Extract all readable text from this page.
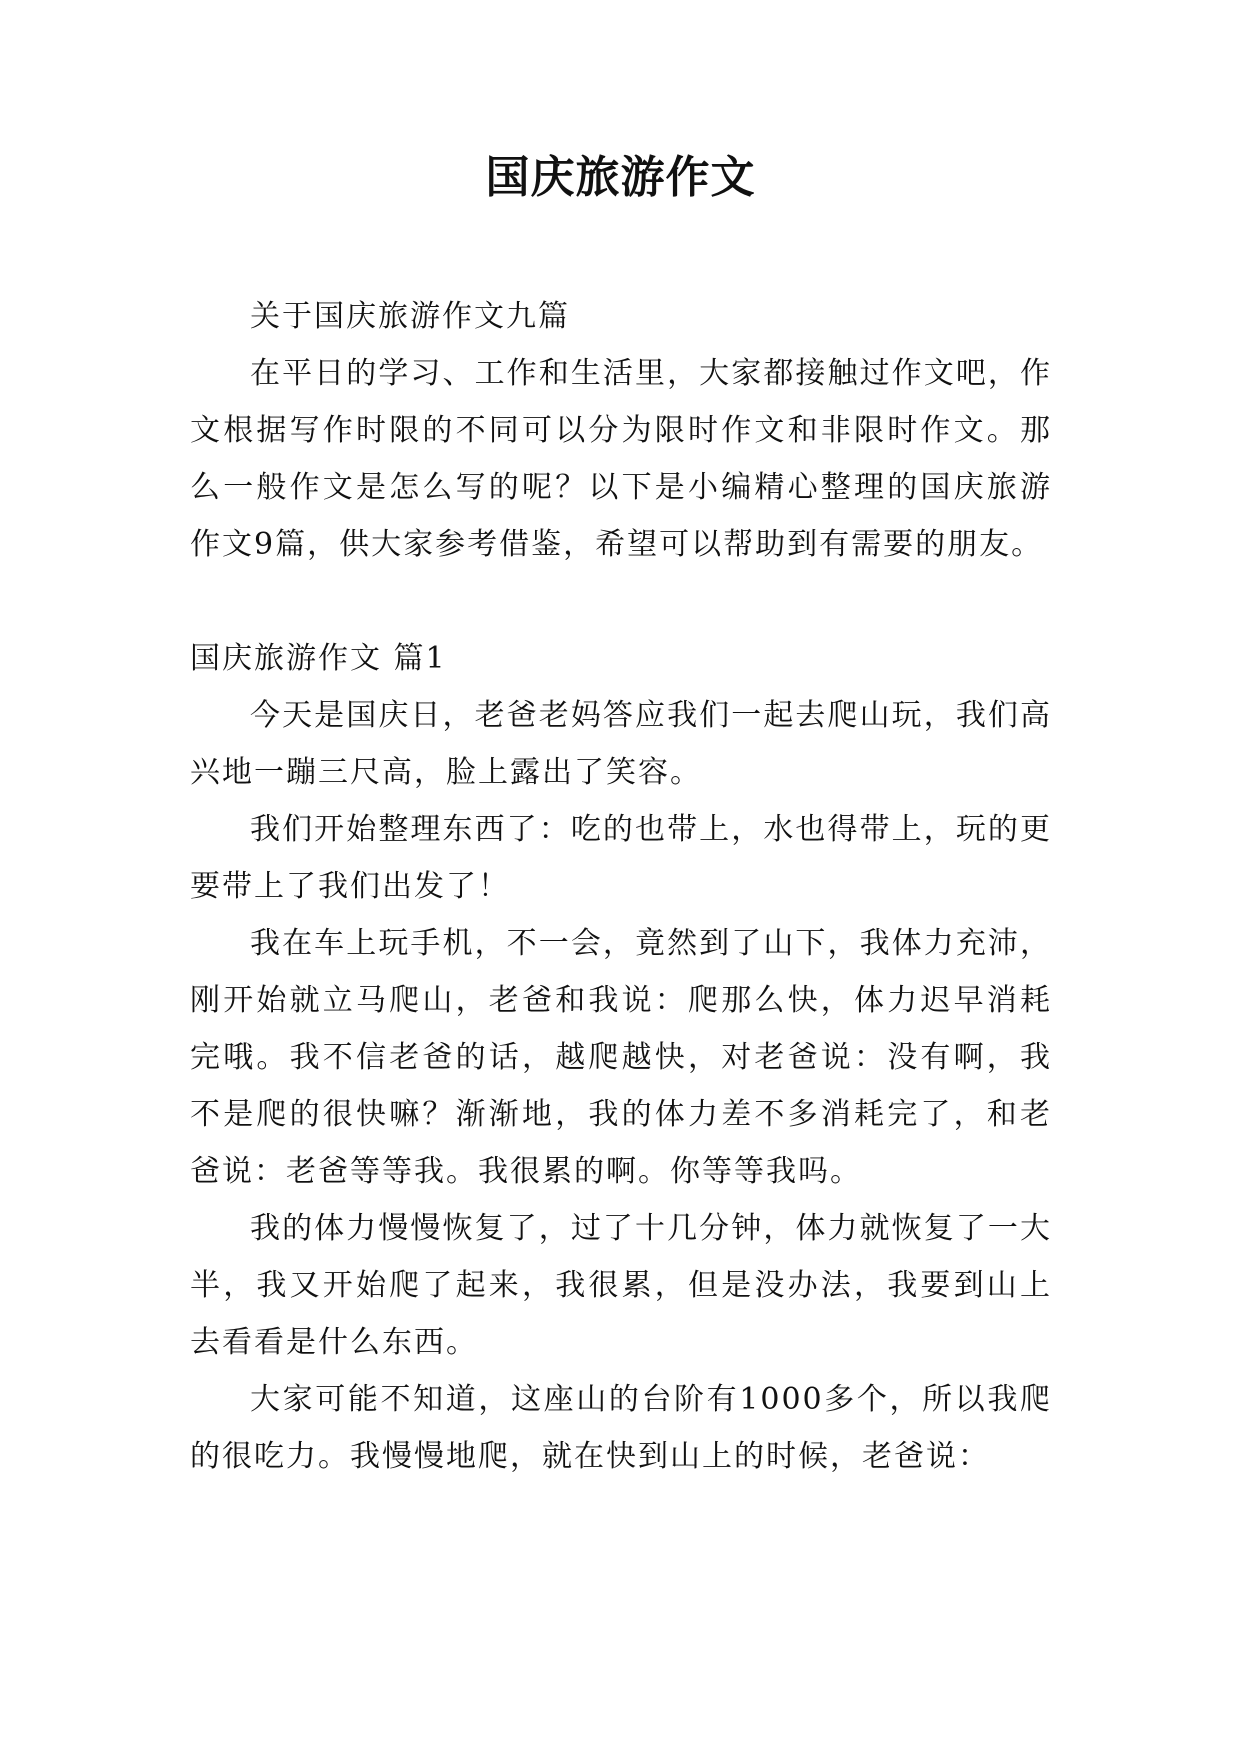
国庆旅游作文

关于国庆旅游作文九篇

在平日的学习、工作和生活里，大家都接触过作文吧，作文根据写作时限的不同可以分为限时作文和非限时作文。那么一般作文是怎么写的呢？以下是小编精心整理的国庆旅游作文9篇，供大家参考借鉴，希望可以帮助到有需要的朋友。

国庆旅游作文 篇1

今天是国庆日，老爸老妈答应我们一起去爬山玩，我们高兴地一蹦三尺高，脸上露出了笑容。

我们开始整理东西了：吃的也带上，水也得带上，玩的更要带上了我们出发了！

我在车上玩手机，不一会，竟然到了山下，我体力充沛，刚开始就立马爬山，老爸和我说：爬那么快，体力迟早消耗完哦。我不信老爸的话，越爬越快，对老爸说：没有啊，我不是爬的很快嘛？渐渐地，我的体力差不多消耗完了，和老爸说：老爸等等我。我很累的啊。你等等我吗。

我的体力慢慢恢复了，过了十几分钟，体力就恢复了一大半，我又开始爬了起来，我很累，但是没办法，我要到山上去看看是什么东西。

大家可能不知道，这座山的台阶有1000多个，所以我爬的很吃力。我慢慢地爬，就在快到山上的时候，老爸说：
